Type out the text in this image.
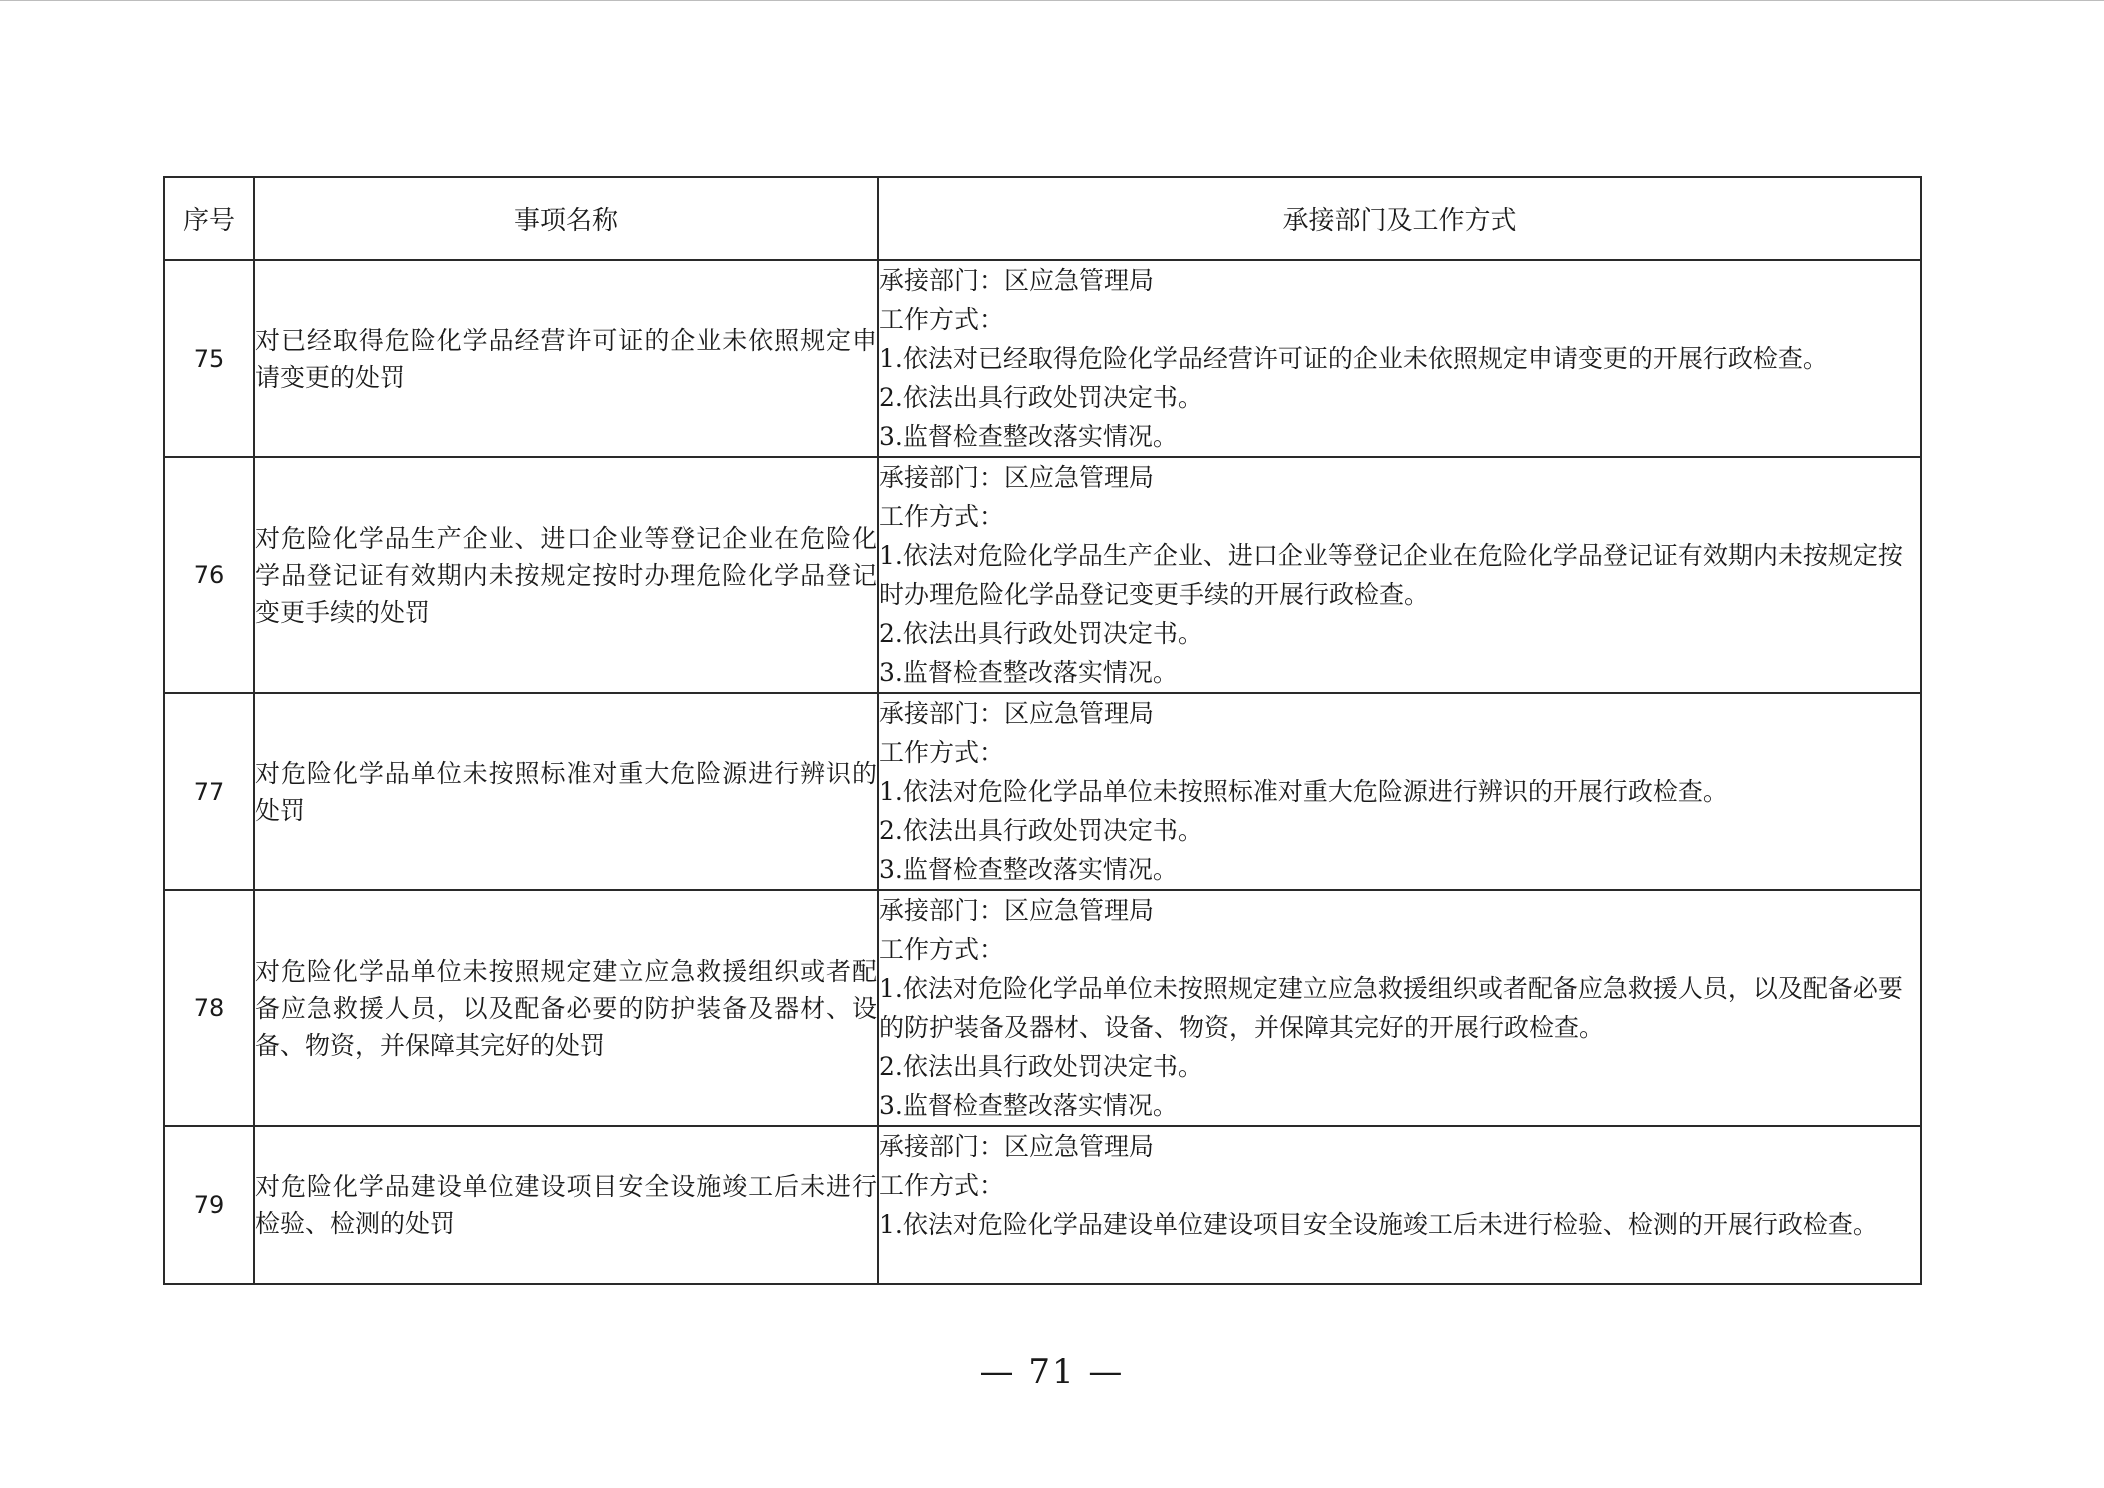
序号	事项名称	承接部门及工作方式
75	对已经取得危险化学品经营许可证的企业未依照规定申请变更的处罚	承接部门：区应急管理局
工作方式：
1.依法对已经取得危险化学品经营许可证的企业未依照规定申请变更的开展行政检查。
2.依法出具行政处罚决定书。
3.监督检查整改落实情况。

76	对危险化学品生产企业、进口企业等登记企业在危险化学品登记证有效期内未按规定按时办理危险化学品登记变更手续的处罚	承接部门：区应急管理局
工作方式：
1.依法对危险化学品生产企业、进口企业等登记企业在危险化学品登记证有效期内未按规定按时办理危险化学品登记变更手续的开展行政检查。
2.依法出具行政处罚决定书。
3.监督检查整改落实情况。

77	对危险化学品单位未按照标准对重大危险源进行辨识的处罚	承接部门：区应急管理局
工作方式：
1.依法对危险化学品单位未按照标准对重大危险源进行辨识的开展行政检查。
2.依法出具行政处罚决定书。
3.监督检查整改落实情况。

78	对危险化学品单位未按照规定建立应急救援组织或者配备应急救援人员，以及配备必要的防护装备及器材、设备、物资，并保障其完好的处罚	承接部门：区应急管理局
工作方式：
1.依法对危险化学品单位未按照规定建立应急救援组织或者配备应急救援人员，以及配备必要的防护装备及器材、设备、物资，并保障其完好的开展行政检查。
2.依法出具行政处罚决定书。
3.监督检查整改落实情况。

79	对危险化学品建设单位建设项目安全设施竣工后未进行检验、检测的处罚	承接部门：区应急管理局
工作方式：
1.依法对危险化学品建设单位建设项目安全设施竣工后未进行检验、检测的开展行政检查。
— 71 —
